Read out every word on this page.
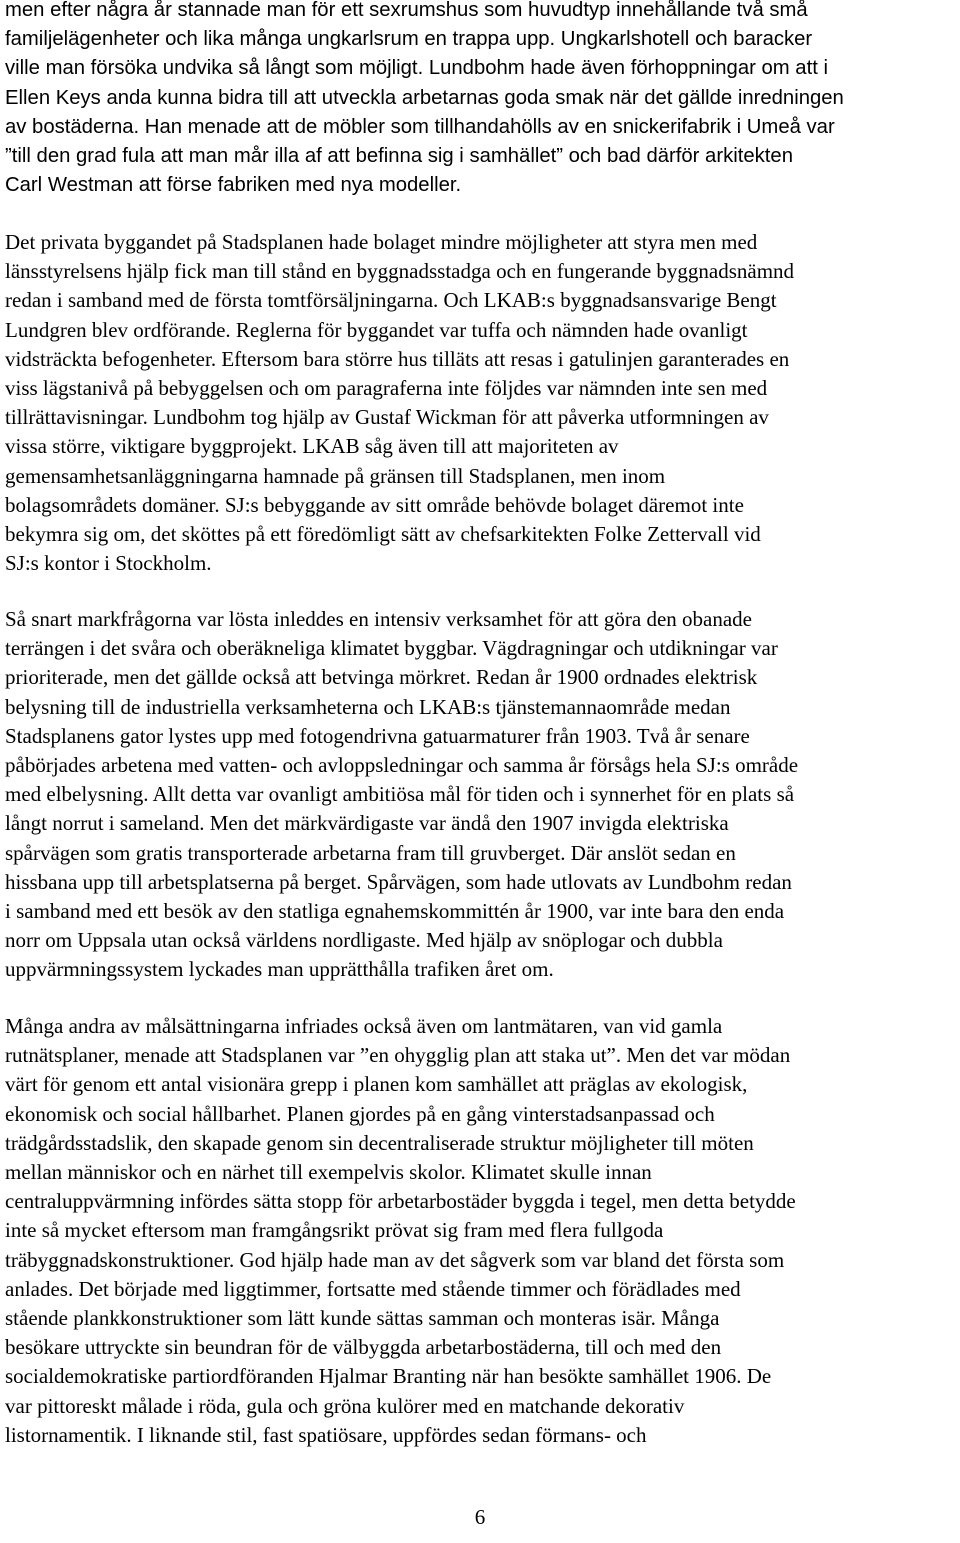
men efter några år stannade man för ett sexrumshus som huvudtyp innehållande två små
familjelägenheter och lika många ungkarlsrum en trappa upp. Ungkarlshotell och baracker
ville man försöka undvika så långt som möjligt. Lundbohm hade även förhoppningar om att i
Ellen Keys anda kunna bidra till att utveckla arbetarnas goda smak när det gällde inredningen
av bostäderna. Han menade att de möbler som tillhandahölls av en snickerifabrik i Umeå var
”till den grad fula att man mår illa af att befinna sig i samhället” och bad därför arkitekten
Carl Westman att förse fabriken med nya modeller.
Det privata byggandet på Stadsplanen hade bolaget mindre möjligheter att styra men med
länsstyrelsens hjälp fick man till stånd en byggnadsstadga och en fungerande byggnadsnämnd
redan i samband med de första tomtförsäljningarna. Och LKAB:s byggnadsansvarige Bengt
Lundgren blev ordförande. Reglerna för byggandet var tuffa och nämnden hade ovanligt
vidsträckta befogenheter. Eftersom bara större hus tilläts att resas i gatulinjen garanterades en
viss lägstanivå på bebyggelsen och om paragraferna inte följdes var nämnden inte sen med
tillrättavisningar. Lundbohm tog hjälp av Gustaf Wickman för att påverka utformningen av
vissa större, viktigare byggprojekt. LKAB såg även till att majoriteten av
gemensamhetsanläggningarna hamnade på gränsen till Stadsplanen, men inom
bolagsområdets domäner. SJ:s bebyggande av sitt område behövde bolaget däremot inte
bekymra sig om, det sköttes på ett föredömligt sätt av chefsarkitekten Folke Zettervall vid
SJ:s kontor i Stockholm.
Så snart markfrågorna var lösta inleddes en intensiv verksamhet för att göra den obanade
terrängen i det svåra och oberäkneliga klimatet byggbar. Vägdragningar och utdikningar var
prioriterade, men det gällde också att betvinga mörkret. Redan år 1900 ordnades elektrisk
belysning till de industriella verksamheterna och LKAB:s tjänstemannaområde medan
Stadsplanens gator lystes upp med fotogendrivna gatuarmaturer från 1903. Två år senare
påbörjades arbetena med vatten- och avloppsledningar och samma år försågs hela SJ:s område
med elbelysning. Allt detta var ovanligt ambitiösa mål för tiden och i synnerhet för en plats så
långt norrut i sameland. Men det märkvärdigaste var ändå den 1907 invigda elektriska
spårvägen som gratis transporterade arbetarna fram till gruvberget. Där anslöt sedan en
hissbana upp till arbetsplatserna på berget. Spårvägen, som hade utlovats av Lundbohm redan
i samband med ett besök av den statliga egnahemskommittén år 1900, var inte bara den enda
norr om Uppsala utan också världens nordligaste. Med hjälp av snöplogar och dubbla
uppvärmningssystem lyckades man upprätthålla trafiken året om.
Många andra av målsättningarna infriades också även om lantmätaren, van vid gamla
rutnätsplaner, menade att Stadsplanen var ”en ohygglig plan att staka ut”. Men det var mödan
värt för genom ett antal visionära grepp i planen kom samhället att präglas av ekologisk,
ekonomisk och social hållbarhet. Planen gjordes på en gång vinterstadsanpassad och
trädgårdsstadslik, den skapade genom sin decentraliserade struktur möjligheter till möten
mellan människor och en närhet till exempelvis skolor. Klimatet skulle innan
centraluppvärmning infördes sätta stopp för arbetarbostäder byggda i tegel, men detta betydde
inte så mycket eftersom man framgångsrikt prövat sig fram med flera fullgoda
träbyggnadskonstruktioner. God hjälp hade man av det sågverk som var bland det första som
anlades. Det började med liggtimmer, fortsatte med stående timmer och förädlades med
stående plankkonstruktioner som lätt kunde sättas samman och monteras isär. Många
besökare uttryckte sin beundran för de välbyggda arbetarbostäderna, till och med den
socialdemokratiske partiordföranden Hjalmar Branting när han besökte samhället 1906. De
var pittoreskt målade i röda, gula och gröna kulörer med en matchande dekorativ
listornamentik. I liknande stil, fast spatiösare, uppfördes sedan förmans- och

6
